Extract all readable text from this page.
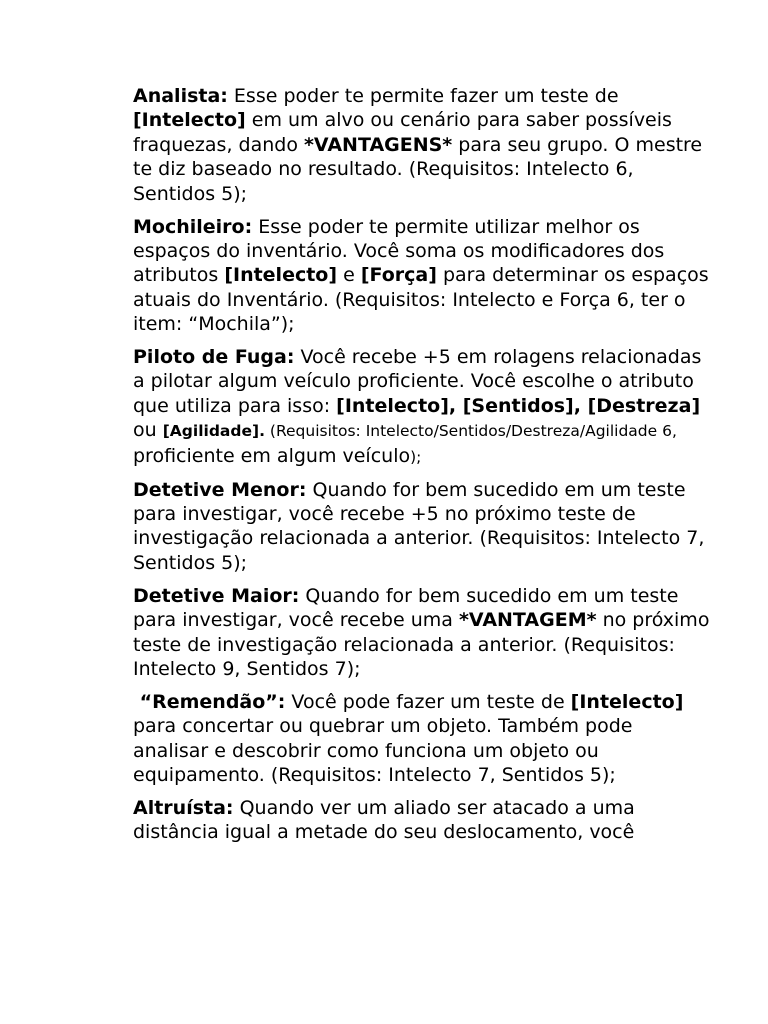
Analista: Esse poder te permite fazer um teste de [Intelecto] em um alvo ou cenário para saber possíveis fraquezas, dando *VANTAGENS* para seu grupo. O mestre te diz baseado no resultado. (Requisitos: Intelecto 6, Sentidos 5);

Mochileiro: Esse poder te permite utilizar melhor os espaços do inventário. Você soma os modificadores dos atributos [Intelecto] e [Força] para determinar os espaços atuais do Inventário. (Requisitos: Intelecto e Força 6, ter o item: “Mochila”);

Piloto de Fuga: Você recebe +5 em rolagens relacionadas a pilotar algum veículo proficiente. Você escolhe o atributo que utiliza para isso: [Intelecto], [Sentidos], [Destreza] ou [Agilidade]. (Requisitos: Intelecto/Sentidos/Destreza/Agilidade 6, proficiente em algum veículo);

Detetive Menor: Quando for bem sucedido em um teste para investigar, você recebe +5 no próximo teste de investigação relacionada a anterior. (Requisitos: Intelecto 7, Sentidos 5);

Detetive Maior: Quando for bem sucedido em um teste para investigar, você recebe uma *VANTAGEM* no próximo teste de investigação relacionada a anterior. (Requisitos: Intelecto 9, Sentidos 7);

“Remendão”: Você pode fazer um teste de [Intelecto] para concertar ou quebrar um objeto. Também pode analisar e descobrir como funciona um objeto ou equipamento. (Requisitos: Intelecto 7, Sentidos 5);

Altruísta: Quando ver um aliado ser atacado a uma distância igual a metade do seu deslocamento, você
